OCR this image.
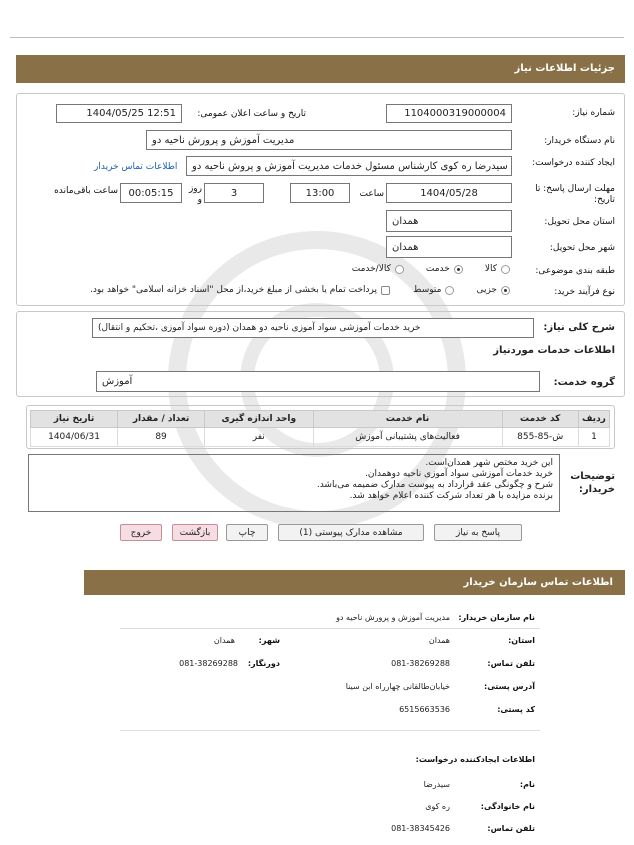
جزئیات اطلاعات نیاز
شماره نیاز:
1104000319000004
تاریخ و ساعت اعلان عمومی:
1404/05/25 12:51
نام دستگاه خریدار:
مدیریت آموزش و پرورش ناحیه دو
ایجاد کننده درخواست:
سیدرضا ره کوی کارشناس مسئول خدمات مدیریت آموزش و پروش ناحیه دو
اطلاعات تماس خریدار
مهلت ارسال پاسخ: تا تاریخ:
1404/05/28
ساعت
13:00
3
روز و
00:05:15
ساعت باقی‌مانده
استان محل تحویل:
همدان
شهر محل تحویل:
همدان
طبقه بندی موضوعی:
کالا
خدمت
کالا/خدمت
نوع فرآیند خرید:
جزیی
متوسط
پرداخت تمام یا بخشی از مبلغ خرید،از محل "اسناد خزانه اسلامی" خواهد بود.
شرح کلی نیاز:
خرید خدمات آموزشی سواد آموزی ناحیه دو همدان (دوره سواد آموزی ،تحکیم و انتقال)
اطلاعات خدمات موردنیاز
گروه خدمت:
آموزش
ردیف	کد خدمت	نام خدمت	واحد اندازه گیری	تعداد / مقدار	تاریخ نیاز
1	ش-85-855	فعالیت‌های پشتیبانی آموزش	نفر	89	1404/06/31
توضیحات خریدار:
این خرید مختص شهر همدان‌است.
خرید خدمات آموزشی سواد آموزی ناحیه دوهمدان.
شرح و چگونگی عقد قرارداد به پیوست مدارک ضمیمه می‌باشد.
برنده مزایده با هر تعداد شرکت کننده اعلام خواهد شد.
پاسخ به نیاز
مشاهده مدارک پیوستی (1)
چاپ
بازگشت
خروج
اطلاعات تماس سازمان خریدار
نام سازمان خریدار:
مدیریت آموزش و پرورش ناحیه دو
استان:
همدان
شهر:
همدان
تلفن تماس:
081-38269288
دورنگار:
081-38269288
آدرس پستی:
خیابان‌طالقانی چهارراه ابن سینا
کد پستی:
6515663536
اطلاعات ایجادکننده درخواست:
نام:
سیدرضا
نام خانوادگی:
ره کوی
تلفن تماس:
081-38345426
